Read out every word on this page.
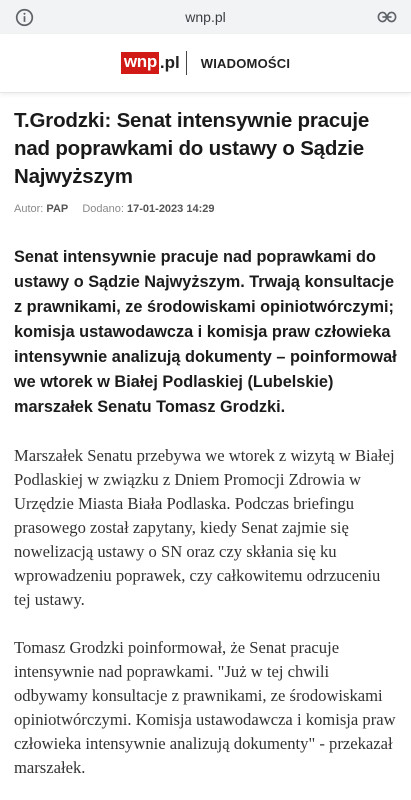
wnp.pl
wnp .pl WIADOMOŚCI
T.Grodzki: Senat intensywnie pracuje nad poprawkami do ustawy o Sądzie Najwyższym
Autor: PAP Dodano: 17-01-2023 14:29
Senat intensywnie pracuje nad poprawkami do ustawy o Sądzie Najwyższym. Trwają konsultacje z prawnikami, ze środowiskami opiniotwórczymi; komisja ustawodawcza i komisja praw człowieka intensywnie analizują dokumenty – poinformował we wtorek w Białej Podlaskiej (Lubelskie) marszałek Senatu Tomasz Grodzki.
Marszałek Senatu przebywa we wtorek z wizytą w Białej Podlaskiej w związku z Dniem Promocji Zdrowia w Urzędzie Miasta Biała Podlaska. Podczas briefingu prasowego został zapytany, kiedy Senat zajmie się nowelizacją ustawy o SN oraz czy skłania się ku wprowadzeniu poprawek, czy całkowitemu odrzuceniu tej ustawy.
Tomasz Grodzki poinformował, że Senat pracuje intensywnie nad poprawkami. "Już w tej chwili odbywamy konsultacje z prawnikami, ze środowiskami opiniotwórczymi. Komisja ustawodawcza i komisja praw człowieka intensywnie analizują dokumenty" - przekazał marszałek.
